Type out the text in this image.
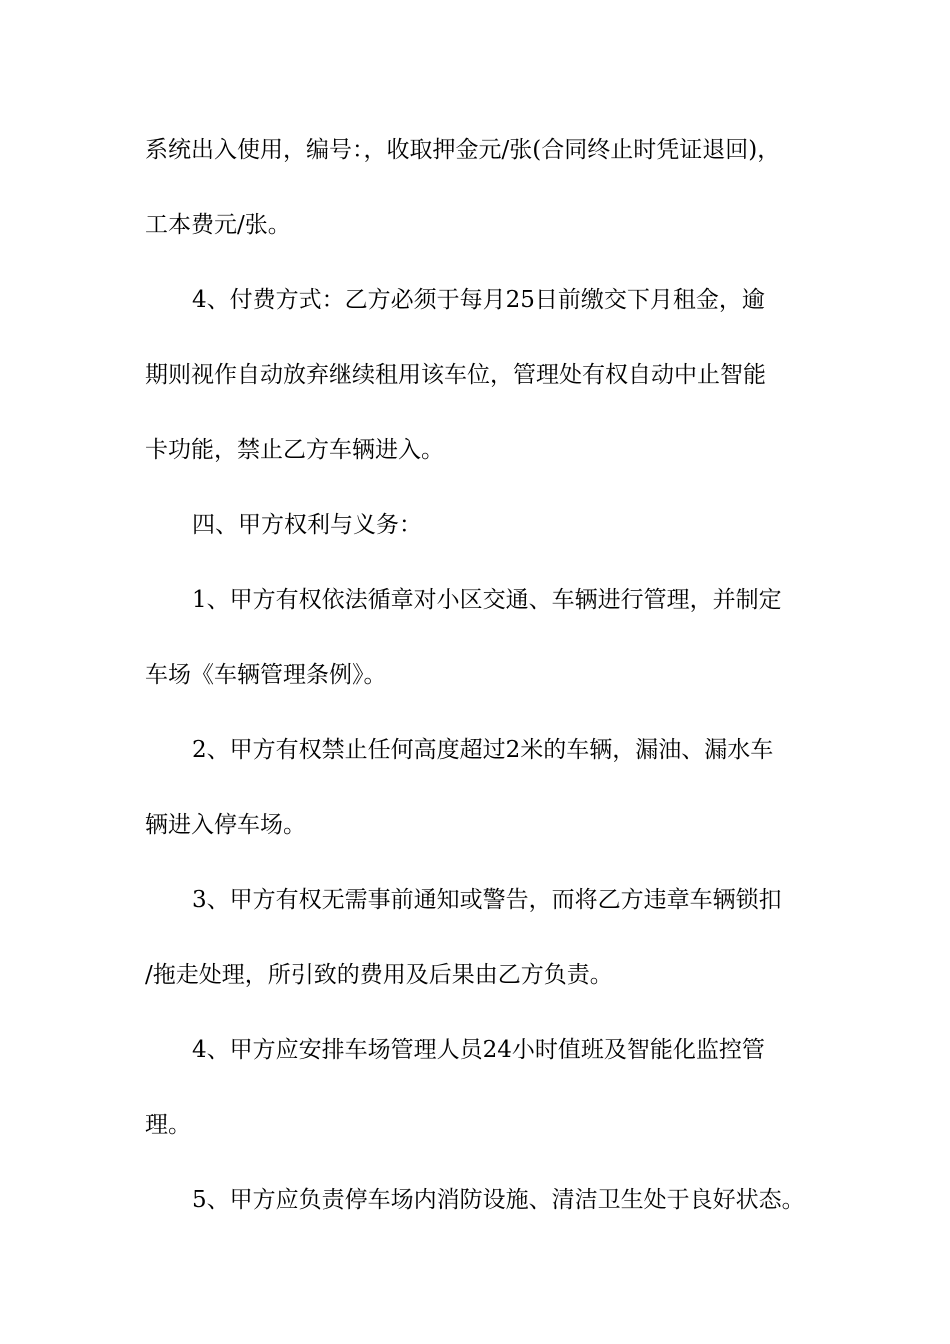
系统出入使用，编号：，收取押金元/张(合同终止时凭证退回)，
工本费元/张。
4、付费方式：乙方必须于每月25日前缴交下月租金，逾
期则视作自动放弃继续租用该车位，管理处有权自动中止智能
卡功能，禁止乙方车辆进入。
四、甲方权利与义务：
1、甲方有权依法循章对小区交通、车辆进行管理，并制定
车场《车辆管理条例》。
2、甲方有权禁止任何高度超过2米的车辆，漏油、漏水车
辆进入停车场。
3、甲方有权无需事前通知或警告，而将乙方违章车辆锁扣
/拖走处理，所引致的费用及后果由乙方负责。
4、甲方应安排车场管理人员24小时值班及智能化监控管
理。
5、甲方应负责停车场内消防设施、清洁卫生处于良好状态。
